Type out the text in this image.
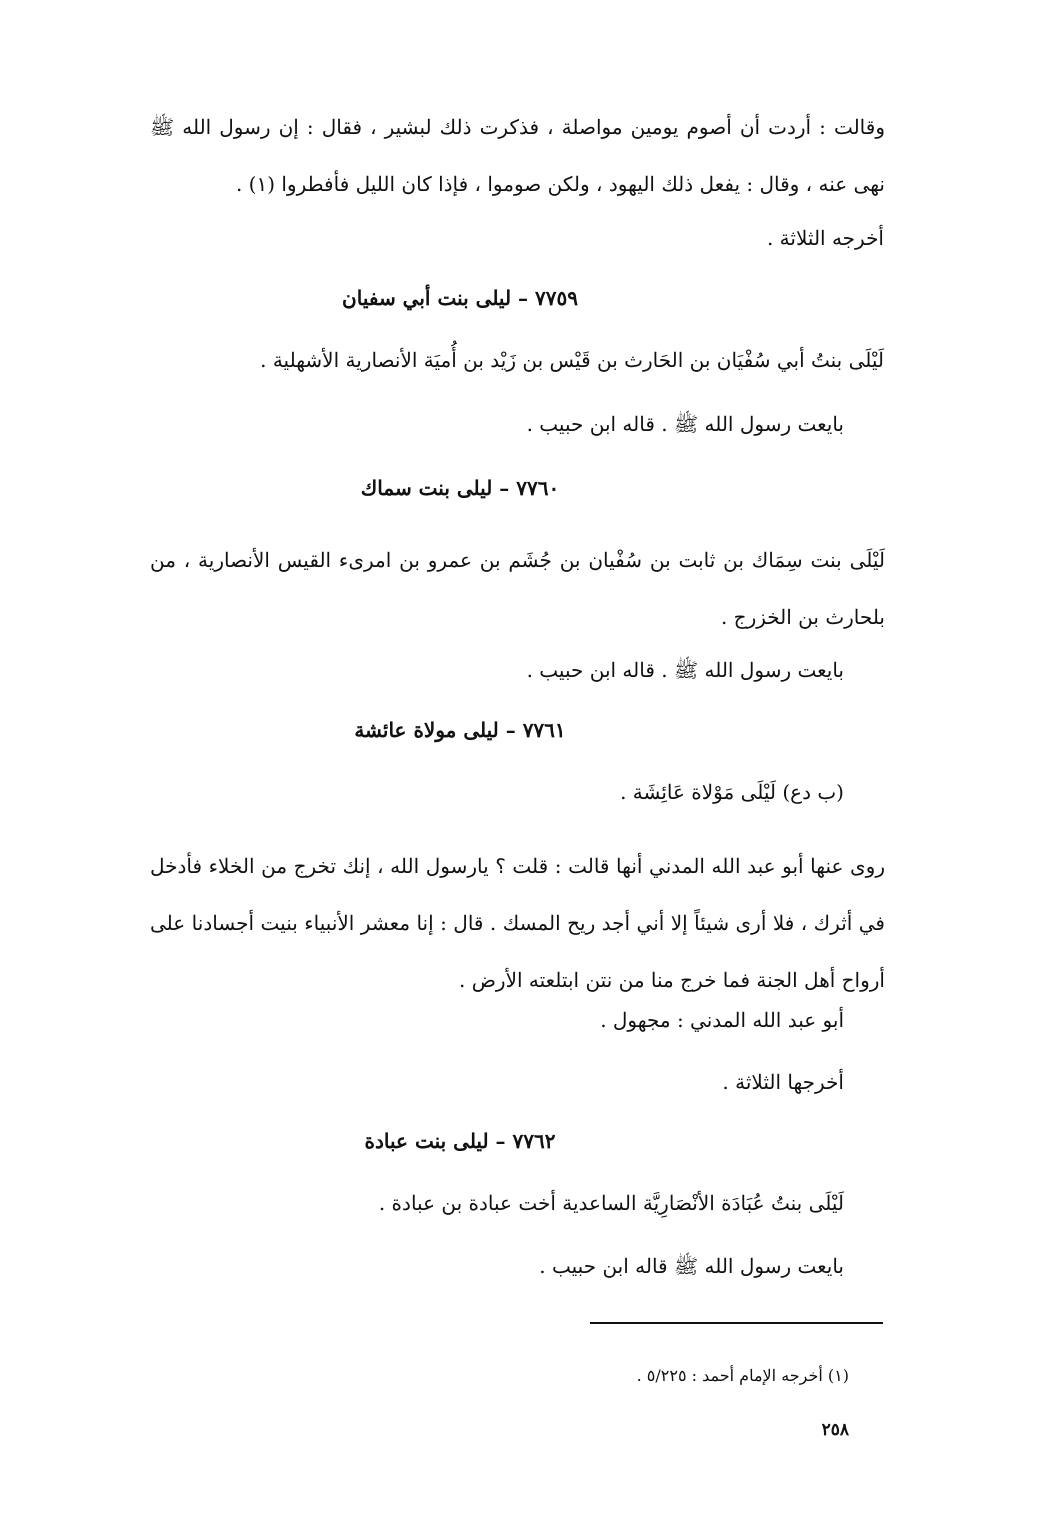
وقالت : أردت أن أصوم يومين مواصلة ، فذكرت ذلك لبشير ، فقال : إن رسول الله ﷺ نهى عنه ، وقال : يفعل ذلك اليهود ، ولكن صوموا ، فإذا كان الليل فأفطروا (١) .
أخرجه الثلاثة .
٧٧٥٩ – ليلى بنت أبي سفيان
لَيْلَى بنتُ أبي سُفْيَان بن الحَارث بن قَيْس بن زَيْد بن أُميَة الأنصارية الأشهلية .
بايعت رسول الله ﷺ . قاله ابن حبيب .
٧٧٦٠ – ليلى بنت سماك
لَيْلَى بنت سِمَاك بن ثابت بن سُفْيان بن جُشَم بن عمرو بن امرىء القيس الأنصارية ، من بلحارث بن الخزرج .
بايعت رسول الله ﷺ . قاله ابن حبيب .
٧٧٦١ – ليلى مولاة عائشة
(ب دع) لَيْلَى مَوْلاة عَائِشَة .
روى عنها أبو عبد الله المدني أنها قالت : قلت ؟ يارسول الله ، إنك تخرج من الخلاء فأدخل في أثرك ، فلا أرى شيئاً إلا أني أجد ريح المسك . قال : إنا معشر الأنبياء بنيت أجسادنا على أرواح أهل الجنة فما خرج منا من نتن ابتلعته الأرض .
أبو عبد الله المدني : مجهول .
أخرجها الثلاثة .
٧٧٦٢ – ليلى بنت عبادة
لَيْلَى بنتُ عُبَادَة الأنْصَارِيَّة الساعدية أخت عبادة بن عبادة .
بايعت رسول الله ﷺ قاله ابن حبيب .
(١) أخرجه الإمام أحمد : ٥/٢٢٥ .
٢٥٨
